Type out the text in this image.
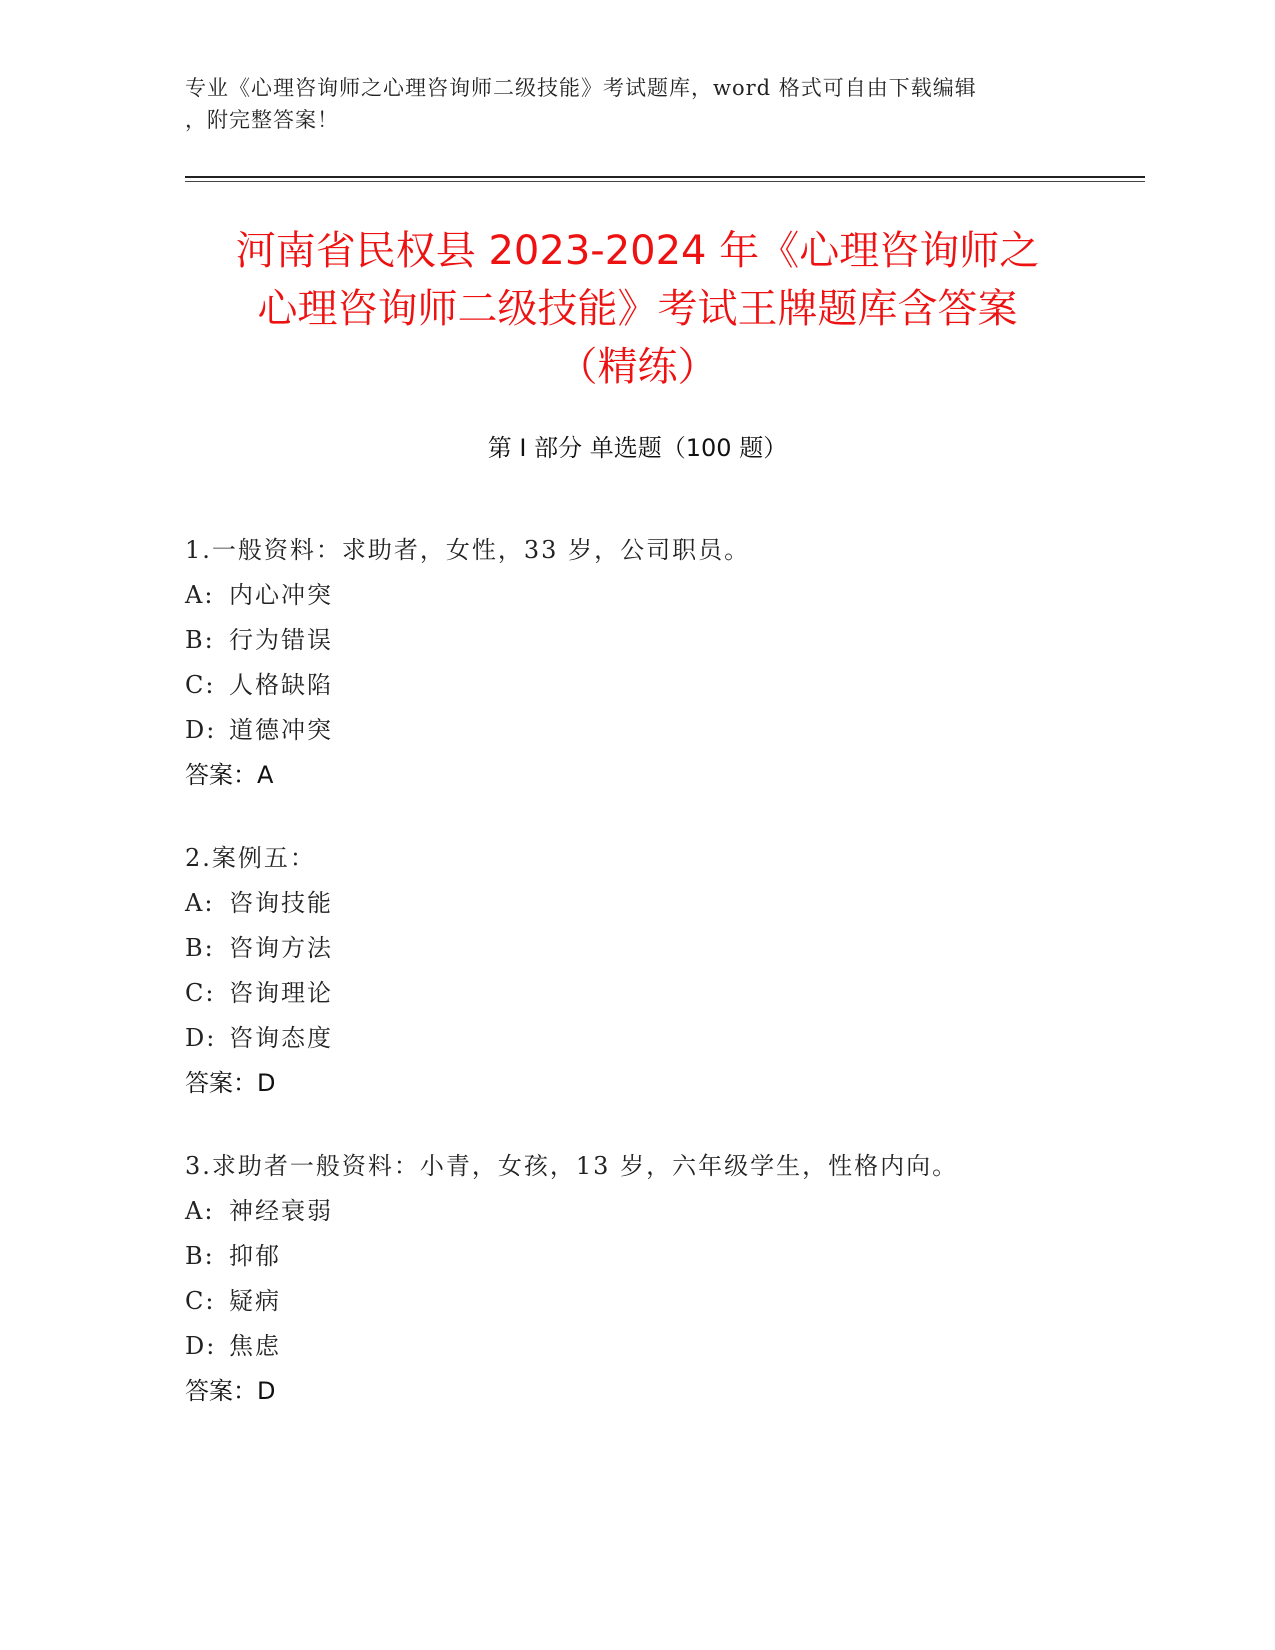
专业《心理咨询师之心理咨询师二级技能》考试题库，word 格式可自由下载编辑
，附完整答案！
河南省民权县 2023-2024 年《心理咨询师之
心理咨询师二级技能》考试王牌题库含答案
（精练）
第 I 部分 单选题（100 题）
1.一般资料：求助者，女性，33 岁，公司职员。
A: 内心冲突
B: 行为错误
C: 人格缺陷
D: 道德冲突
答案：A
2.案例五：
A: 咨询技能
B: 咨询方法
C: 咨询理论
D: 咨询态度
答案：D
3.求助者一般资料：小青，女孩，13 岁，六年级学生，性格内向。
A: 神经衰弱
B: 抑郁
C: 疑病
D: 焦虑
答案：D
